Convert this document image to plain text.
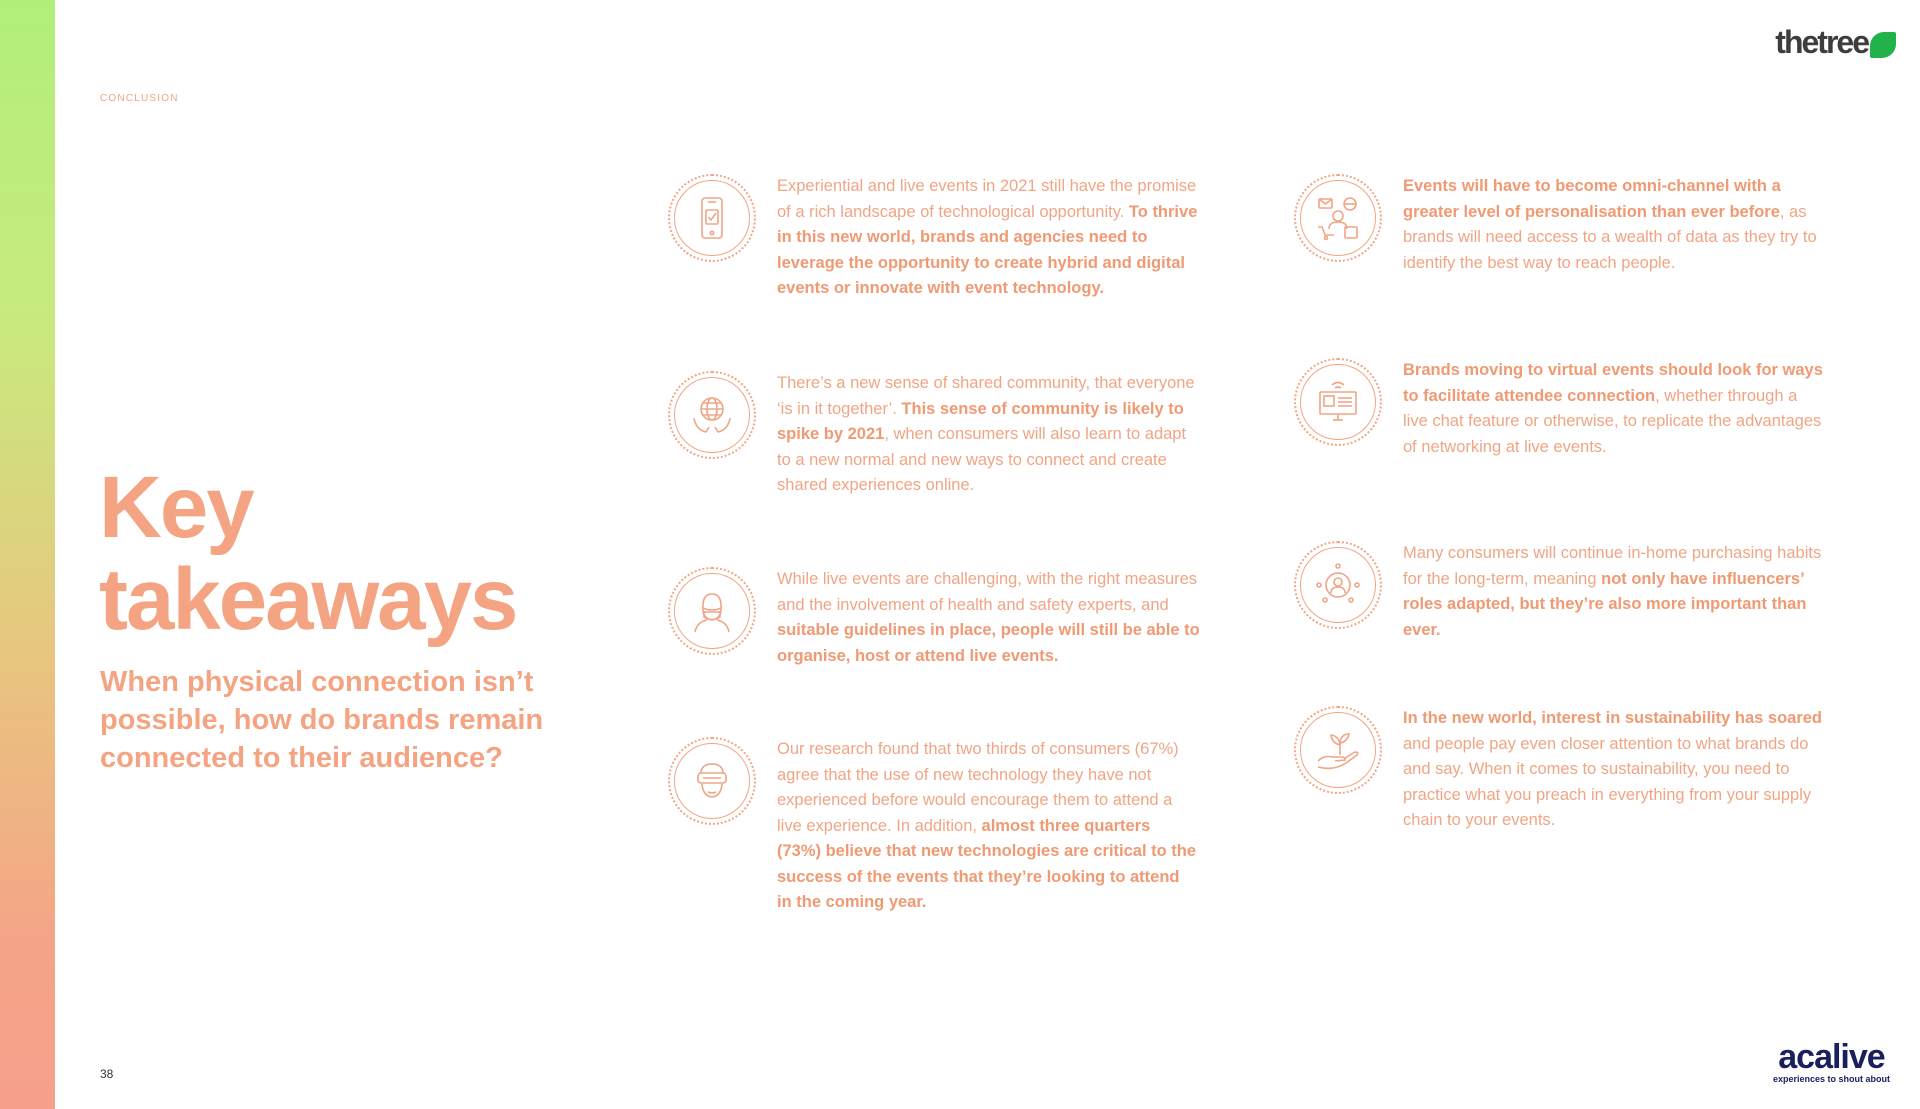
CONCLUSION
Key
takeaways
When physical connection isn’t possible, how do brands remain connected to their audience?
38
thetree
acalive
experiences to shout about
Experiential and live events in 2021 still have the promise of a rich landscape of technological opportunity. To thrive in this new world, brands and agencies need to leverage the opportunity to create hybrid and digital events or innovate with event technology.
There’s a new sense of shared community, that everyone ‘is in it together’. This sense of community is likely to spike by 2021, when consumers will also learn to adapt to a new normal and new ways to connect and create shared experiences online.
While live events are challenging, with the right measures and the involvement of health and safety experts, and suitable guidelines in place, people will still be able to organise, host or attend live events.
Our research found that two thirds of consumers (67%) agree that the use of new technology they have not experienced before would encourage them to attend a live experience. In addition, almost three quarters (73%) believe that new technologies are critical to the success of the events that they’re looking to attend in the coming year.
Events will have to become omni-channel with a greater level of personalisation than ever before, as brands will need access to a wealth of data as they try to identify the best way to reach people.
Brands moving to virtual events should look for ways to facilitate attendee connection, whether through a live chat feature or otherwise, to replicate the advantages of networking at live events.
Many consumers will continue in-home purchasing habits for the long-term, meaning not only have influencers’ roles adapted, but they’re also more important than ever.
In the new world, interest in sustainability has soared and people pay even closer attention to what brands do and say. When it comes to sustainability, you need to practice what you preach in everything from your supply chain to your events.
